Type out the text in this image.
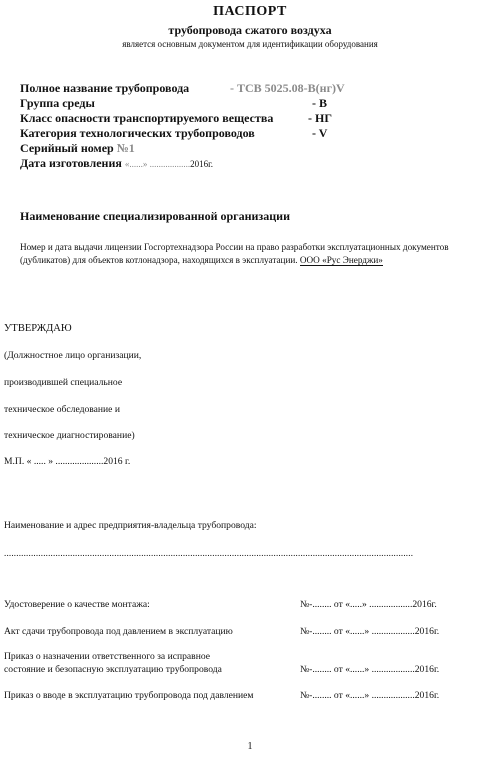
ПАСПОРТ
трубопровода сжатого воздуха
является основным документом для идентификации оборудования
Полное название трубопровода	- ТСВ 5025.08-В(нг)V
Группа среды	- В
Класс опасности транспортируемого вещества	- НГ
Категория технологических трубопроводов	- V
Серийный номер №1
Дата изготовления «......» ..................2016г.
Наименование специализированной организации
Номер и дата выдачи лицензии Госгортехнадзора России на право разработки эксплуатационных документов (дубликатов) для объектов котлонадзора, находящихся в эксплуатации. ООО «Рус Энерджи»
УТВЕРЖДАЮ
(Должностное лицо организации,
производившей специальное
техническое обследование и
техническое диагностирование)
М.П. « ..... » ....................2016 г.
Наименование и адрес предприятия-владельца трубопровода:
.......................................................................................................................................................................
Удостоверение о качестве монтажа:	№-........ от «.....» ..................2016г.
Акт сдачи трубопровода под давлением в эксплуатацию	№-........ от «......» ..................2016г.
Приказ о назначении ответственного за исправное
состояние и безопасную эксплуатацию трубопровода	№-........ от «......» ..................2016г.
Приказ о вводе в эксплуатацию трубопровода под давлением	№-........ от «......» ..................2016г.
1
